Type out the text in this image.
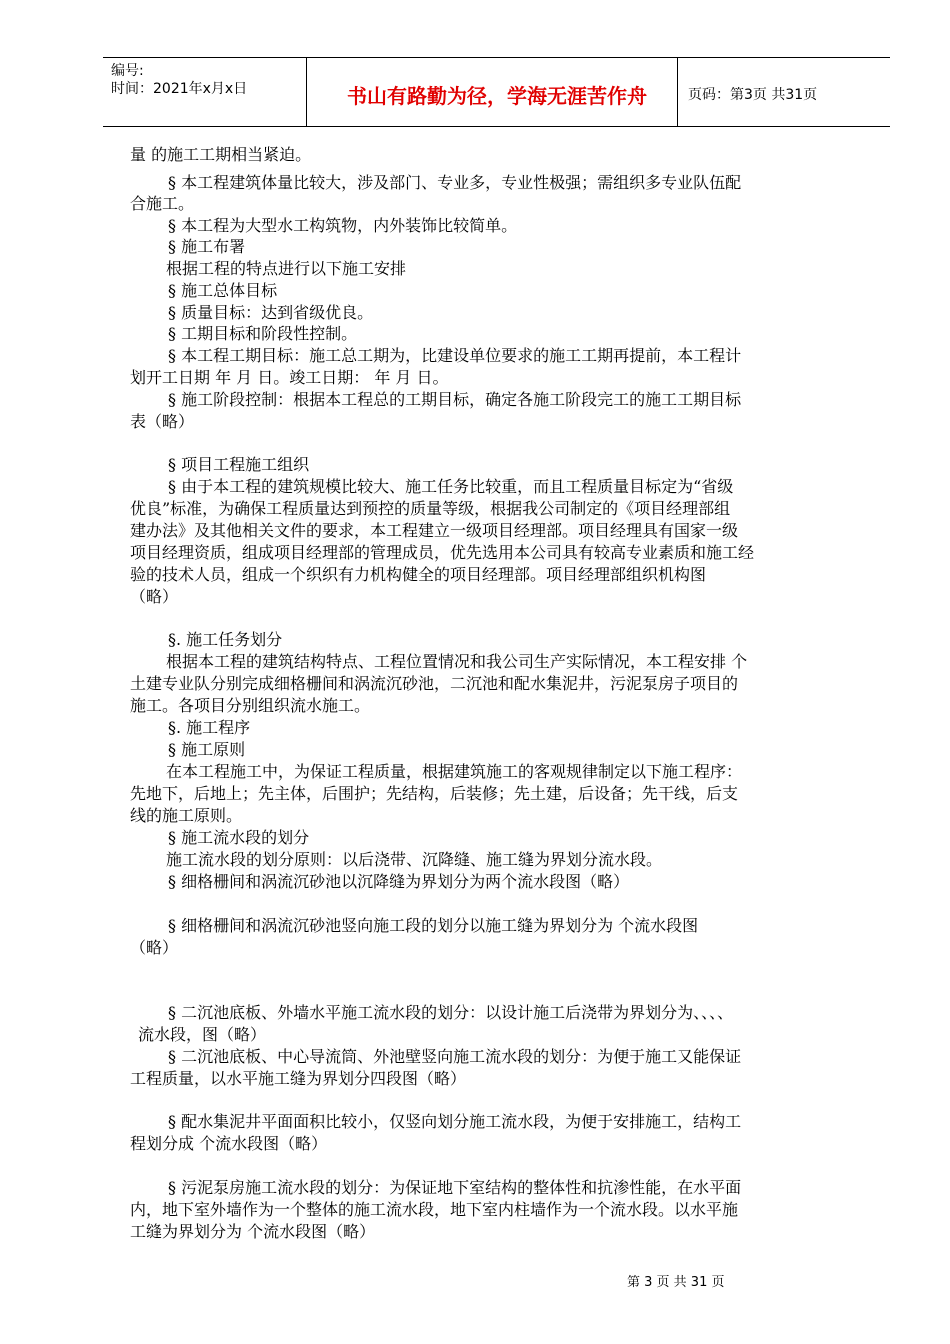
编号:
时间：2021年x月x日	书山有路勤为径，学海无涯苦作舟	页码：第3页 共31页
量 的施工工期相当紧迫。
§ 本工程建筑体量比较大，涉及部门、专业多，专业性极强；需组织多专业队伍配
合施工。
§ 本工程为大型水工构筑物，内外装饰比较简单。
§ 施工布署
根据工程的特点进行以下施工安排
§ 施工总体目标
§ 质量目标：达到省级优良。
§ 工期目标和阶段性控制。
§ 本工程工期目标：施工总工期为，比建设单位要求的施工工期再提前，本工程计
划开工日期 年 月 日。竣工日期： 年 月 日。
§ 施工阶段控制：根据本工程总的工期目标，确定各施工阶段完工的施工工期目标
表（略）
§ 项目工程施工组织
§ 由于本工程的建筑规模比较大、施工任务比较重，而且工程质量目标定为“省级
优良”标准，为确保工程质量达到预控的质量等级，根据我公司制定的《项目经理部组
建办法》及其他相关文件的要求，本工程建立一级项目经理部。项目经理具有国家一级
项目经理资质，组成项目经理部的管理成员，优先选用本公司具有较高专业素质和施工经
验的技术人员，组成一个织织有力机构健全的项目经理部。项目经理部组织机构图
（略）
§. 施工任务划分
根据本工程的建筑结构特点、工程位置情况和我公司生产实际情况，本工程安排 个
土建专业队分别完成细格栅间和涡流沉砂池，二沉池和配水集泥井，污泥泵房子项目的
施工。各项目分别组织流水施工。
§. 施工程序
§ 施工原则
在本工程施工中，为保证工程质量，根据建筑施工的客观规律制定以下施工程序：
先地下，后地上；先主体，后围护；先结构，后装修；先土建，后设备；先干线，后支
线的施工原则。
§ 施工流水段的划分
施工流水段的划分原则：以后浇带、沉降缝、施工缝为界划分流水段。
§ 细格栅间和涡流沉砂池以沉降缝为界划分为两个流水段图（略）
§ 细格栅间和涡流沉砂池竖向施工段的划分以施工缝为界划分为 个流水段图
（略）
§ 二沉池底板、外墙水平施工流水段的划分：以设计施工后浇带为界划分为、、、、
流水段，图（略）
§ 二沉池底板、中心导流筒、外池壁竖向施工流水段的划分：为便于施工又能保证
工程质量，以水平施工缝为界划分四段图（略）
§ 配水集泥井平面面积比较小，仅竖向划分施工流水段，为便于安排施工，结构工
程划分成 个流水段图（略）
§ 污泥泵房施工流水段的划分：为保证地下室结构的整体性和抗渗性能，在水平面
内，地下室外墙作为一个整体的施工流水段，地下室内柱墙作为一个流水段。以水平施
工缝为界划分为 个流水段图（略）
第 3 页 共 31 页
